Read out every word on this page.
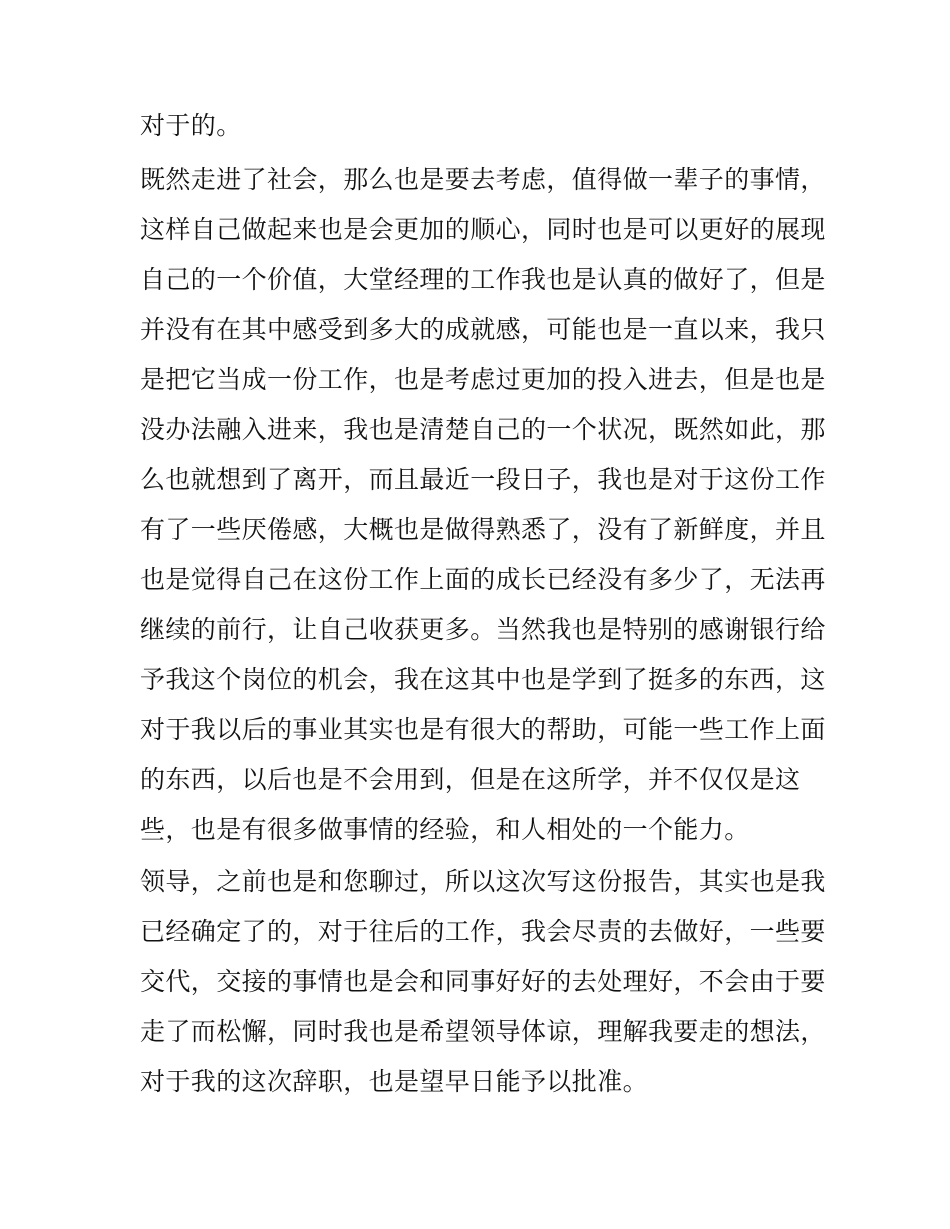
对于的。
既然走进了社会，那么也是要去考虑，值得做一辈子的事情，
这样自己做起来也是会更加的顺心，同时也是可以更好的展现
自己的一个价值，大堂经理的工作我也是认真的做好了，但是
并没有在其中感受到多大的成就感，可能也是一直以来，我只
是把它当成一份工作，也是考虑过更加的投入进去，但是也是
没办法融入进来，我也是清楚自己的一个状况，既然如此，那
么也就想到了离开，而且最近一段日子，我也是对于这份工作
有了一些厌倦感，大概也是做得熟悉了，没有了新鲜度，并且
也是觉得自己在这份工作上面的成长已经没有多少了，无法再
继续的前行，让自己收获更多。当然我也是特别的感谢银行给
予我这个岗位的机会，我在这其中也是学到了挺多的东西，这
对于我以后的事业其实也是有很大的帮助，可能一些工作上面
的东西，以后也是不会用到，但是在这所学，并不仅仅是这
些，也是有很多做事情的经验，和人相处的一个能力。
领导，之前也是和您聊过，所以这次写这份报告，其实也是我
已经确定了的，对于往后的工作，我会尽责的去做好，一些要
交代，交接的事情也是会和同事好好的去处理好，不会由于要
走了而松懈，同时我也是希望领导体谅，理解我要走的想法，
对于我的这次辞职，也是望早日能予以批准。
